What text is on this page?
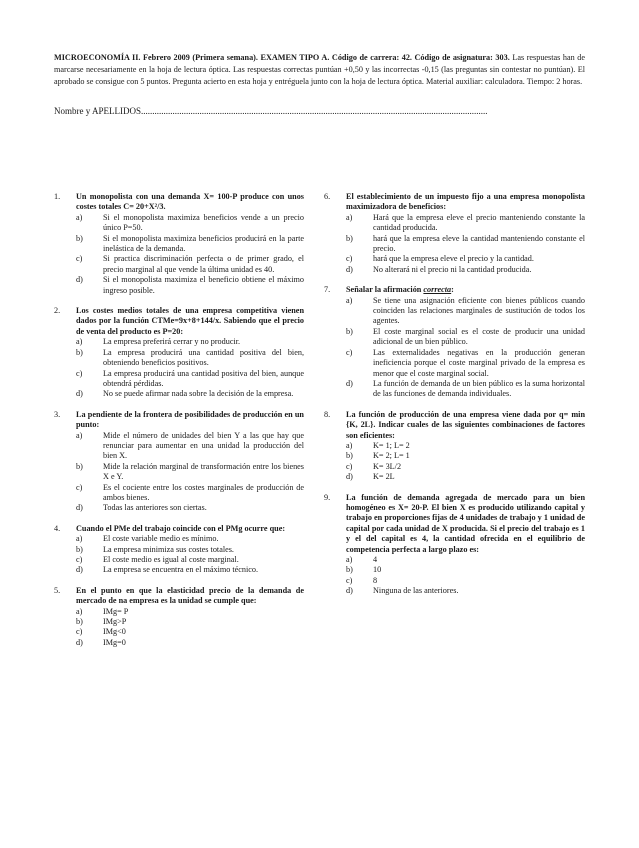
MICROECONOMÍA II. Febrero 2009 (Primera semana). EXAMEN TIPO A. Código de carrera: 42. Código de asignatura: 303. Las respuestas han de marcarse necesariamente en la hoja de lectura óptica. Las respuestas correctas puntúan +0,50 y las incorrectas -0,15 (las preguntas sin contestar no puntúan). El aprobado se consigue con 5 puntos. Pregunta acierto en esta hoja y entréguela junto con la hoja de lectura óptica. Material auxiliar: calculadora. Tiempo: 2 horas.

Nombre y APELLIDOS..........................................................................................................................................................
1.	Un monopolista con una demanda X= 100-P produce con unos costes totales C= 20+X²/3.
a)	Si el monopolista maximiza beneficios vende a un precio único P=50.
b)	Si el monopolista maximiza beneficios producirá en la parte inelástica de la demanda.
c)	Si practica discriminación perfecta o de primer grado, el precio marginal al que vende la última unidad es 40.
d)	Si el monopolista maximiza el beneficio obtiene el máximo ingreso posible.
2.	Los costes medios totales de una empresa competitiva vienen dados por la función CTMe=9x+8+144/x. Sabiendo que el precio de venta del producto es P=20:
a)	La empresa preferirá cerrar y no producir.
b)	La empresa producirá una cantidad positiva del bien, obteniendo beneficios positivos.
c)	La empresa producirá una cantidad positiva del bien, aunque obtendrá pérdidas.
d)	No se puede afirmar nada sobre la decisión de la empresa.
3.	La pendiente de la frontera de posibilidades de producción en un punto:
a)	Mide el número de unidades del bien Y a las que hay que renunciar para aumentar en una unidad la producción del bien X.
b)	Mide la relación marginal de transformación entre los bienes X e Y.
c)	Es el cociente entre los costes marginales de producción de ambos bienes.
d)	Todas las anteriores son ciertas.
4.	Cuando el PMe del trabajo coincide con el PMg ocurre que:
a)	El coste variable medio es mínimo.
b)	La empresa minimiza sus costes totales.
c)	El coste medio es igual al coste marginal.
d)	La empresa se encuentra en el máximo técnico.
5.	En el punto en que la elasticidad precio de la demanda de mercado de na empresa es la unidad se cumple que:
a)	IMg= P
b)	IMg>P
c)	IMg<0
d)	IMg=0
6.	El establecimiento de un impuesto fijo a una empresa monopolista maximizadora de beneficios:
a)	Hará que la empresa eleve el precio manteniendo constante la cantidad producida.
b)	hará que la empresa eleve la cantidad manteniendo constante el precio.
c)	hará que la empresa eleve el precio y la cantidad.
d)	No alterará ni el precio ni la cantidad producida.
7.	Señalar la afirmación correcta:
a)	Se tiene una asignación eficiente con bienes públicos cuando coinciden las relaciones marginales de sustitución de todos los agentes.
b)	El coste marginal social es el coste de producir una unidad adicional de un bien público.
c)	Las externalidades negativas en la producción generan ineficiencia porque el coste marginal privado de la empresa es menor que el coste marginal social.
d)	La función de demanda de un bien público es la suma horizontal de las funciones de demanda individuales.
8.	La función de producción de una empresa viene dada por q= min {K, 2L}. Indicar cuales de las siguientes combinaciones de factores son eficientes:
a)	K= 1; L= 2
b)	K= 2; L= 1
c)	K= 3L/2
d)	K= 2L
9.	La función de demanda agregada de mercado para un bien homogéneo es X= 20-P. El bien X es producido utilizando capital y trabajo en proporciones fijas de 4 unidades de trabajo y 1 unidad de capital por cada unidad de X producida. Si el precio del trabajo es 1 y el del capital es 4, la cantidad ofrecida en el equilibrio de competencia perfecta a largo plazo es:
a)	4
b)	10
c)	8
d)	Ninguna de las anteriores.
